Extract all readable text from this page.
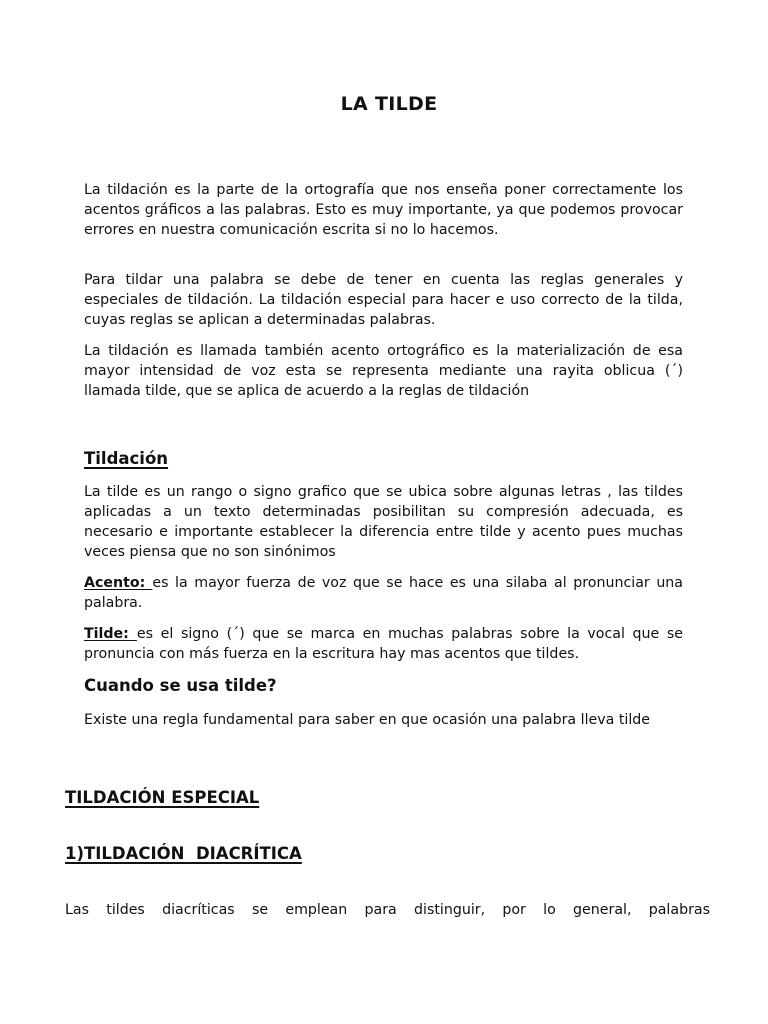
LA TILDE

La tildación es la parte de la ortografía que nos enseña poner correctamente los acentos gráficos a las palabras. Esto es muy importante, ya que podemos provocar errores en nuestra comunicación escrita si no lo hacemos.

Para tildar una palabra se debe de tener en cuenta las reglas generales y especiales de tildación. La tildación especial para hacer e uso correcto de la tilda, cuyas reglas se aplican a determinadas palabras.

La tildación es llamada también acento ortográfico es la materialización de esa mayor intensidad de voz esta se representa mediante una rayita oblicua (´) llamada tilde, que se aplica de acuerdo a la reglas de tildación

Tildación

La tilde es un rango o signo grafico que se ubica sobre algunas letras , las tildes aplicadas a un texto determinadas posibilitan su compresión adecuada, es necesario e importante establecer la diferencia entre tilde y acento pues muchas veces piensa que no son sinónimos

Acento: es la mayor fuerza de voz que se hace es una silaba al pronunciar una palabra.

Tilde: es el signo (´) que se marca en muchas palabras sobre la vocal que se pronuncia con más fuerza en la escritura hay mas acentos que tildes.

Cuando se usa tilde?

Existe una regla fundamental para saber en que ocasión una palabra lleva tilde

TILDACIÓN ESPECIAL
1)TILDACIÓN  DIACRÍTICA
Las tildes diacríticas se emplean para distinguir, por lo general, palabras
